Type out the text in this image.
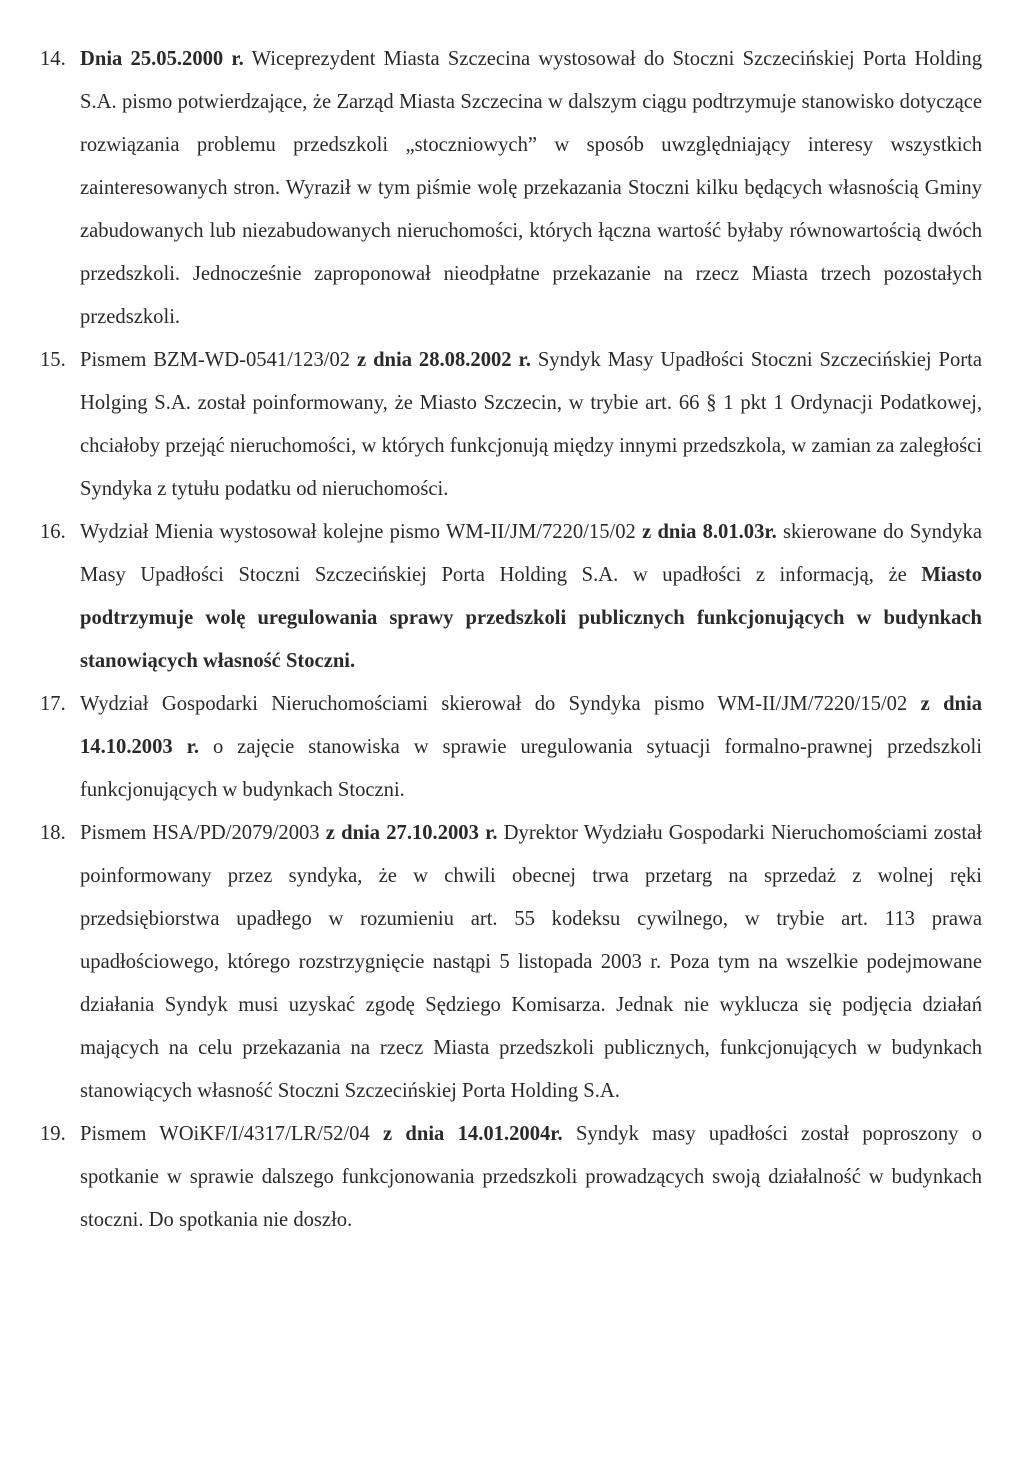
14. Dnia 25.05.2000 r. Wiceprezydent Miasta Szczecina wystosował do Stoczni Szczecińskiej Porta Holding S.A. pismo potwierdzające, że Zarząd Miasta Szczecina w dalszym ciągu podtrzymuje stanowisko dotyczące rozwiązania problemu przedszkoli „stoczniowych” w sposób uwzględniający interesy wszystkich zainteresowanych stron. Wyraził w tym piśmie wolę przekazania Stoczni kilku będących własnością Gminy zabudowanych lub niezabudowanych nieruchomości, których łączna wartość byłaby równowartością dwóch przedszkoli. Jednocześnie zaproponował nieodpłatne przekazanie na rzecz Miasta trzech pozostałych przedszkoli.
15. Pismem BZM-WD-0541/123/02 z dnia 28.08.2002 r. Syndyk Masy Upadłości Stoczni Szczecińskiej Porta Holging S.A. został poinformowany, że Miasto Szczecin, w trybie art. 66 § 1 pkt 1 Ordynacji Podatkowej, chciałoby przejąć nieruchomości, w których funkcjonują między innymi przedszkola, w zamian za zaległości Syndyka z tytułu podatku od nieruchomości.
16. Wydział Mienia wystosował kolejne pismo WM-II/JM/7220/15/02 z dnia 8.01.03r. skierowane do Syndyka Masy Upadłości Stoczni Szczecińskiej Porta Holding S.A. w upadłości z informacją, że Miasto podtrzymuje wolę uregulowania sprawy przedszkoli publicznych funkcjonujących w budynkach stanowiących własność Stoczni.
17. Wydział Gospodarki Nieruchomościami skierował do Syndyka pismo WM-II/JM/7220/15/02 z dnia 14.10.2003 r. o zajęcie stanowiska w sprawie uregulowania sytuacji formalno-prawnej przedszkoli funkcjonujących w budynkach Stoczni.
18. Pismem HSA/PD/2079/2003 z dnia 27.10.2003 r. Dyrektor Wydziału Gospodarki Nieruchomościami został poinformowany przez syndyka, że w chwili obecnej trwa przetarg na sprzedaż z wolnej ręki przedsiębiorstwa upadłego w rozumieniu art. 55 kodeksu cywilnego, w trybie art. 113 prawa upadłościowego, którego rozstrzygnięcie nastąpi 5 listopada 2003 r. Poza tym na wszelkie podejmowane działania Syndyk musi uzyskać zgodę Sędziego Komisarza. Jednak nie wyklucza się podjęcia działań mających na celu przekazania na rzecz Miasta przedszkoli publicznych, funkcjonujących w budynkach stanowiących własność Stoczni Szczecińskiej Porta Holding S.A.
19. Pismem WOiKF/I/4317/LR/52/04 z dnia 14.01.2004r. Syndyk masy upadłości został poproszony o spotkanie w sprawie dalszego funkcjonowania przedszkoli prowadzących swoją działalność w budynkach stoczni. Do spotkania nie doszło.
